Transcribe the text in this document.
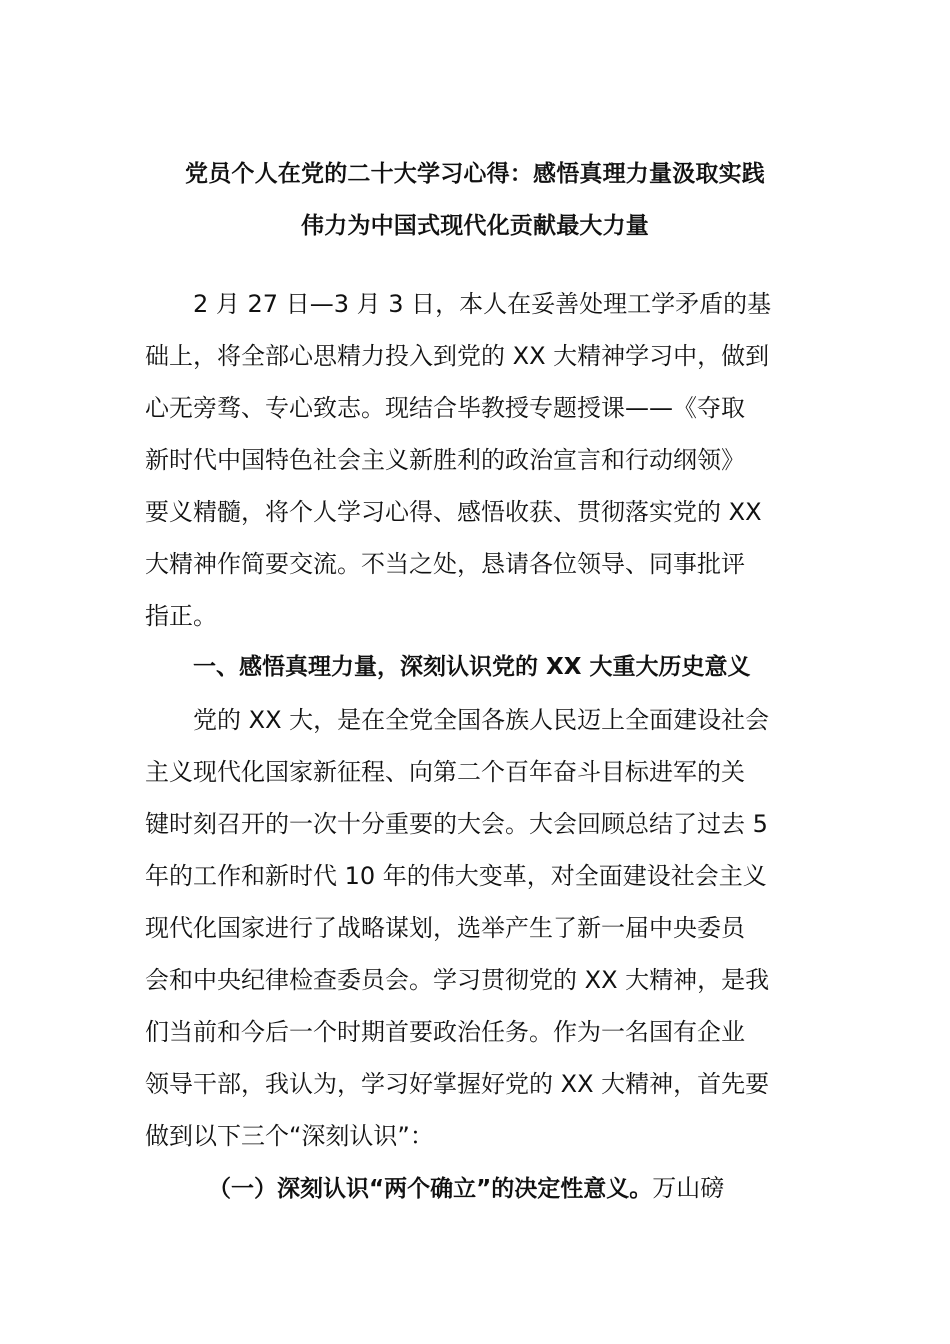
党员个人在党的二十大学习心得：感悟真理力量汲取实践
伟力为中国式现代化贡献最大力量
2 月 27 日—3 月 3 日，本人在妥善处理工学矛盾的基
础上，将全部心思精力投入到党的 XX 大精神学习中，做到
心无旁骛、专心致志。现结合毕教授专题授课——《夺取
新时代中国特色社会主义新胜利的政治宣言和行动纲领》
要义精髓，将个人学习心得、感悟收获、贯彻落实党的 XX
大精神作简要交流。不当之处，恳请各位领导、同事批评
指正。
一、感悟真理力量，深刻认识党的 XX 大重大历史意义
党的 XX 大，是在全党全国各族人民迈上全面建设社会
主义现代化国家新征程、向第二个百年奋斗目标进军的关
键时刻召开的一次十分重要的大会。大会回顾总结了过去 5
年的工作和新时代 10 年的伟大变革，对全面建设社会主义
现代化国家进行了战略谋划，选举产生了新一届中央委员
会和中央纪律检查委员会。学习贯彻党的 XX 大精神，是我
们当前和今后一个时期首要政治任务。作为一名国有企业
领导干部，我认为，学习好掌握好党的 XX 大精神，首先要
做到以下三个“深刻认识”：
（一）深刻认识“两个确立”的决定性意义。万山磅
